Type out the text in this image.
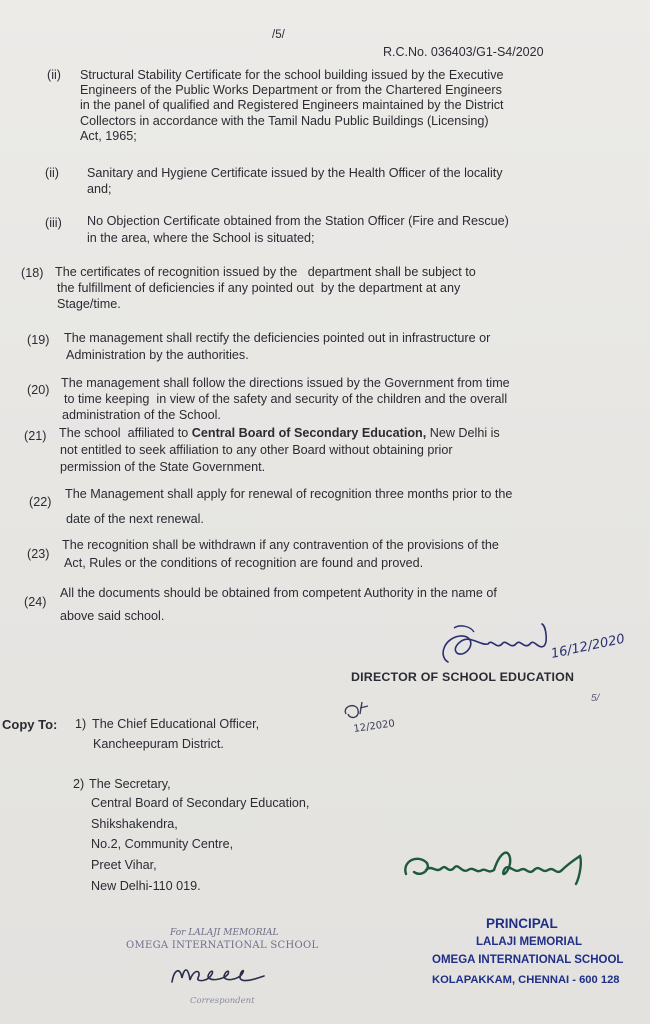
/5/
R.C.No. 036403/G1-S4/2020
(ii) Structural Stability Certificate for the school building issued by the Executive
Engineers of the Public Works Department or from the Chartered Engineers
in the panel of qualified and Registered Engineers maintained by the District
Collectors in accordance with the Tamil Nadu Public Buildings (Licensing)
Act, 1965;
(ii) Sanitary and Hygiene Certificate issued by the Health Officer of the locality
and;
(iii) No Objection Certificate obtained from the Station Officer (Fire and Rescue)
in the area, where the School is situated;
(18) The certificates of recognition issued by the   department shall be subject to
the fulfillment of deficiencies if any pointed out  by the department at any
Stage/time.
(19) The management shall rectify the deficiencies pointed out in infrastructure or
Administration by the authorities.
(20) The management shall follow the directions issued by the Government from time
to time keeping  in view of the safety and security of the children and the overall
administration of the School.
(21) The school  affiliated to Central Board of Secondary Education, New Delhi is
not entitled to seek affiliation to any other Board without obtaining prior
permission of the State Government.
(22)
The Management shall apply for renewal of recognition three months prior to the
date of the next renewal.
(23)
The recognition shall be withdrawn if any contravention of the provisions of the
Act, Rules or the conditions of recognition are found and proved.
(24)
All the documents should be obtained from competent Authority in the name of
above said school.
16/12/2020
DIRECTOR OF SCHOOL EDUCATION
5/
Copy To: 1) The Chief Educational Officer,
Kancheepuram District.
12/2020
2) The Secretary,
Central Board of Secondary Education,
Shikshakendra,
No.2, Community Centre,
Preet Vihar,
New Delhi-110 019.
For LALAJI MEMORIAL
OMEGA INTERNATIONAL SCHOOL
Correspondent
PRINCIPAL
LALAJI MEMORIAL
OMEGA INTERNATIONAL SCHOOL
KOLAPAKKAM, CHENNAI - 600 128
